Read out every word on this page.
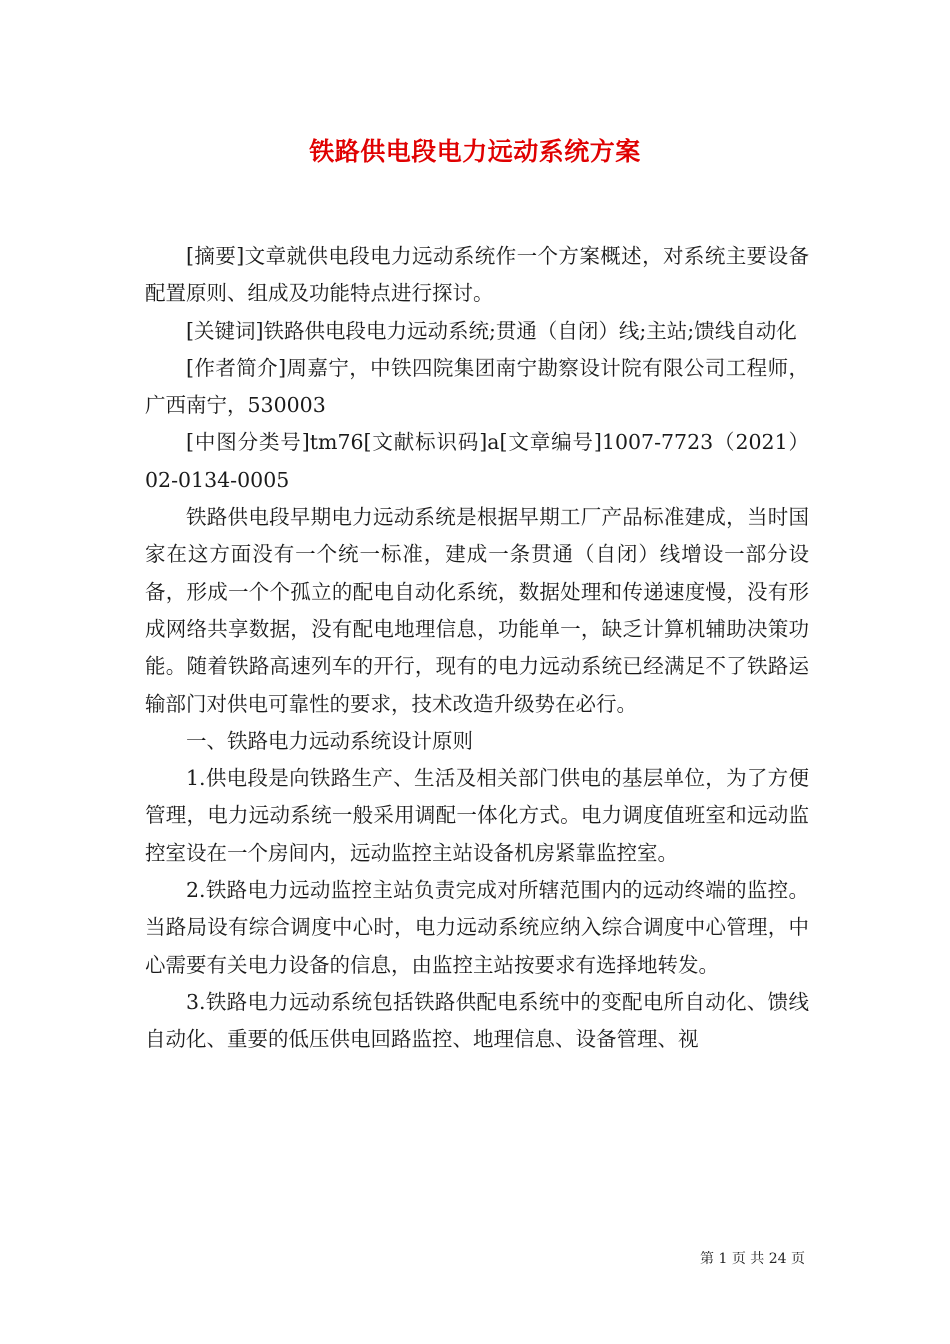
铁路供电段电力远动系统方案

[摘要]文章就供电段电力远动系统作一个方案概述，对系统主要设备配置原则、组成及功能特点进行探讨。

[关键词]铁路供电段电力远动系统;贯通（自闭）线;主站;馈线自动化

[作者简介]周嘉宁，中铁四院集团南宁勘察设计院有限公司工程师，广西南宁，530003

[中图分类号]tm76[文献标识码]a[文章编号]1007-7723（2021）02-0134-0005

铁路供电段早期电力远动系统是根据早期工厂产品标准建成，当时国家在这方面没有一个统一标准，建成一条贯通（自闭）线增设一部分设备，形成一个个孤立的配电自动化系统，数据处理和传递速度慢，没有形成网络共享数据，没有配电地理信息，功能单一，缺乏计算机辅助决策功能。随着铁路高速列车的开行，现有的电力远动系统已经满足不了铁路运输部门对供电可靠性的要求，技术改造升级势在必行。

一、铁路电力远动系统设计原则

1.供电段是向铁路生产、生活及相关部门供电的基层单位，为了方便管理，电力远动系统一般采用调配一体化方式。电力调度值班室和远动监控室设在一个房间内，远动监控主站设备机房紧靠监控室。

2.铁路电力远动监控主站负责完成对所辖范围内的远动终端的监控。当路局设有综合调度中心时，电力远动系统应纳入综合调度中心管理，中心需要有关电力设备的信息，由监控主站按要求有选择地转发。

3.铁路电力远动系统包括铁路供配电系统中的变配电所自动化、馈线自动化、重要的低压供电回路监控、地理信息、设备管理、视

第 1 页 共 24 页
